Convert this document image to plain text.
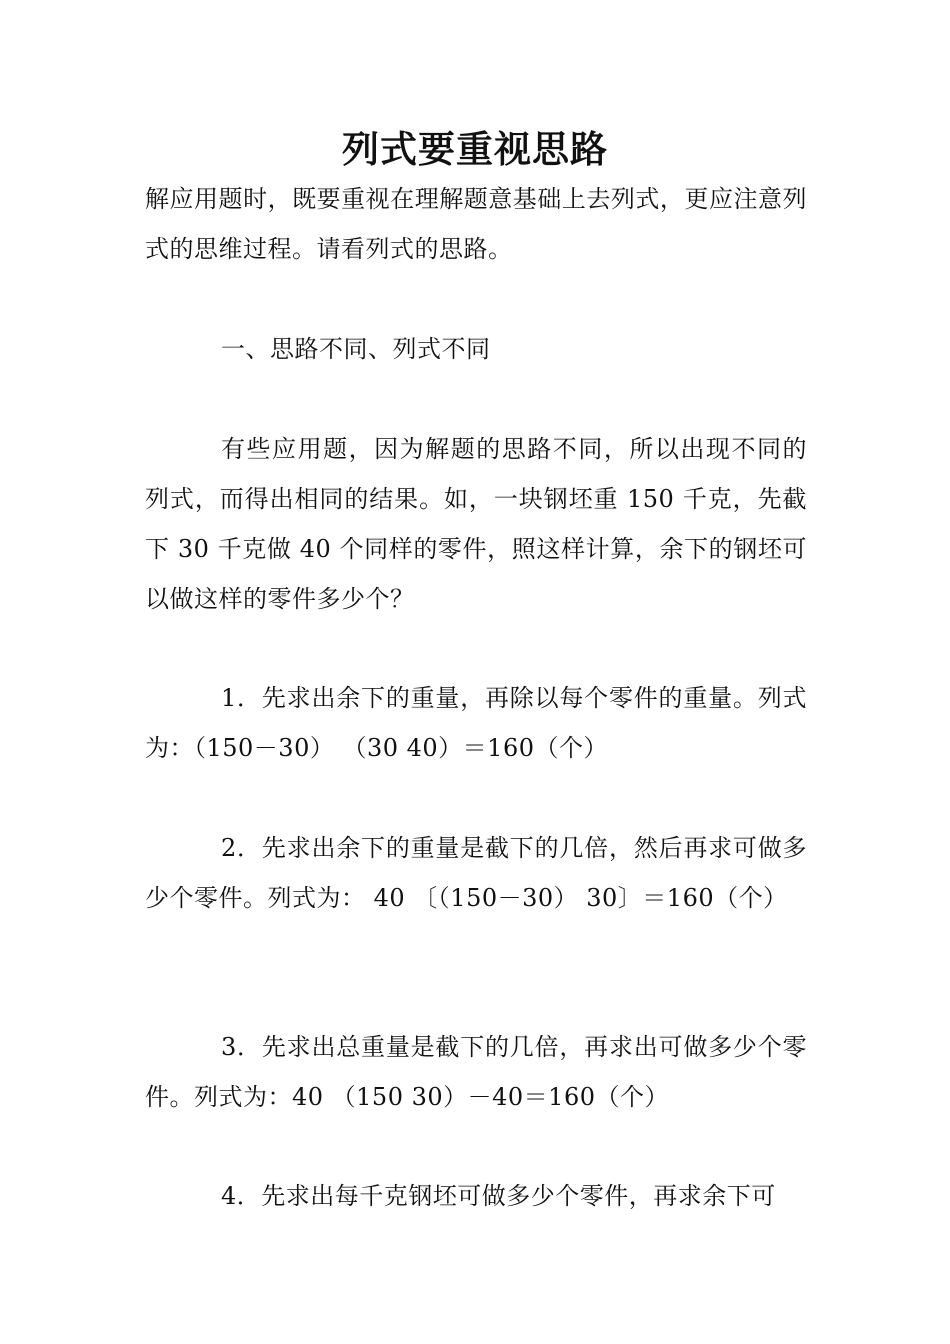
列式要重视思路
解应用题时，既要重视在理解题意基础上去列式，更应注意列式的思维过程。请看列式的思路。
一、思路不同、列式不同
有些应用题，因为解题的思路不同，所以出现不同的列式，而得出相同的结果。如，一块钢坯重 150 千克，先截下 30 千克做 40 个同样的零件，照这样计算，余下的钢坯可以做这样的零件多少个？
1．先求出余下的重量，再除以每个零件的重量。列式为：（150－30） （30 40）＝160（个）
2．先求出余下的重量是截下的几倍，然后再求可做多少个零件。列式为： 40 〔（150－30） 30〕＝160（个）
3．先求出总重量是截下的几倍，再求出可做多少个零件。列式为：40 （150 30）－40＝160（个）
4．先求出每千克钢坯可做多少个零件，再求余下可
